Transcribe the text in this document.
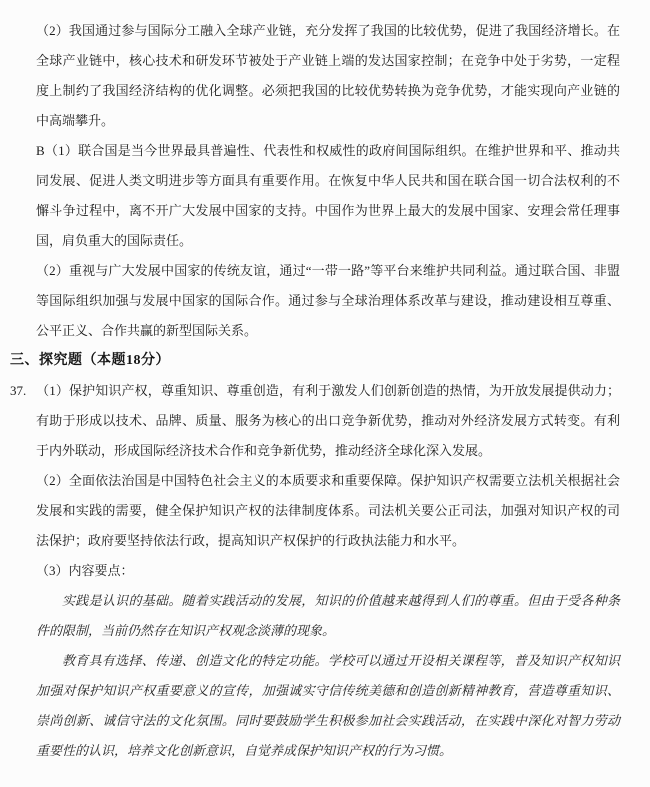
（2）我国通过参与国际分工融入全球产业链，充分发挥了我国的比较优势，促进了我国经济增长。在全球产业链中，核心技术和研发环节被处于产业链上端的发达国家控制；在竞争中处于劣势，一定程度上制约了我国经济结构的优化调整。必须把我国的比较优势转换为竞争优势，才能实现向产业链的中高端攀升。

B（1）联合国是当今世界最具普遍性、代表性和权威性的政府间国际组织。在维护世界和平、推动共同发展、促进人类文明进步等方面具有重要作用。在恢复中华人民共和国在联合国一切合法权利的不懈斗争过程中，离不开广大发展中国家的支持。中国作为世界上最大的发展中国家、安理会常任理事国，肩负重大的国际责任。

（2）重视与广大发展中国家的传统友谊，通过“一带一路”等平台来维护共同利益。通过联合国、非盟等国际组织加强与发展中国家的国际合作。通过参与全球治理体系改革与建设，推动建设相互尊重、公平正义、合作共赢的新型国际关系。

三、探究题（本题18分）

37. （1）保护知识产权，尊重知识、尊重创造，有利于激发人们创新创造的热情，为开放发展提供动力；有助于形成以技术、品牌、质量、服务为核心的出口竞争新优势，推动对外经济发展方式转变。有利于内外联动，形成国际经济技术合作和竞争新优势，推动经济全球化深入发展。

（2）全面依法治国是中国特色社会主义的本质要求和重要保障。保护知识产权需要立法机关根据社会发展和实践的需要，健全保护知识产权的法律制度体系。司法机关要公正司法，加强对知识产权的司法保护；政府要坚持依法行政，提高知识产权保护的行政执法能力和水平。

（3）内容要点：

实践是认识的基础。随着实践活动的发展，知识的价值越来越得到人们的尊重。但由于受各种条件的限制，当前仍然存在知识产权观念淡薄的现象。

教育具有选择、传递、创造文化的特定功能。学校可以通过开设相关课程等，普及知识产权知识加强对保护知识产权重要意义的宣传，加强诚实守信传统美德和创造创新精神教育，营造尊重知识、崇尚创新、诚信守法的文化氛围。同时要鼓励学生积极参加社会实践活动，在实践中深化对智力劳动重要性的认识，培养文化创新意识，自觉养成保护知识产权的行为习惯。
